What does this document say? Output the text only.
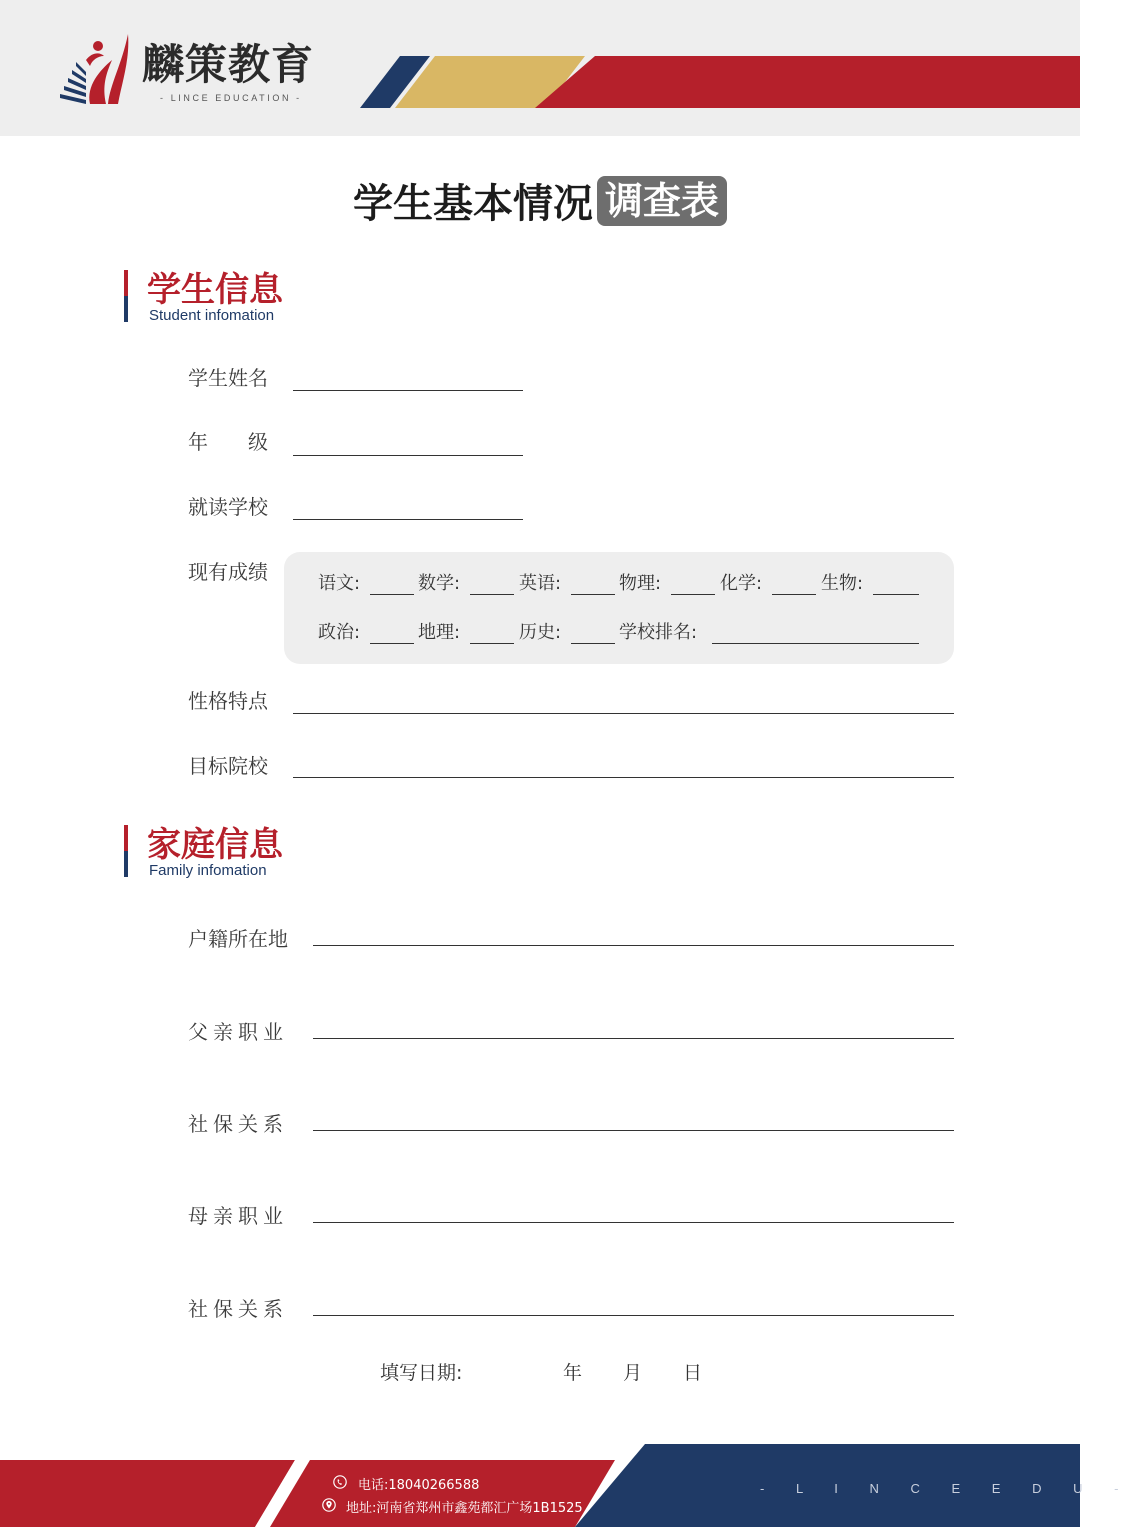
麟策教育
- LINCE EDUCATION -
学生基本情况 调查表
学生信息
Student infomation
学生姓名
年　　级
就读学校
现有成绩	语文:	数学:	英语:	物理:	化学:	生物:
政治:	地理:	历史:	学校排名:
性格特点
目标院校
家庭信息
Family infomation
户籍所在地
父亲职业
社保关系
母亲职业
社保关系
填写日期:	年 月 日
电话:18040266588
地址:河南省郑州市鑫苑都汇广场1B1525
- L I N C E E D U -
